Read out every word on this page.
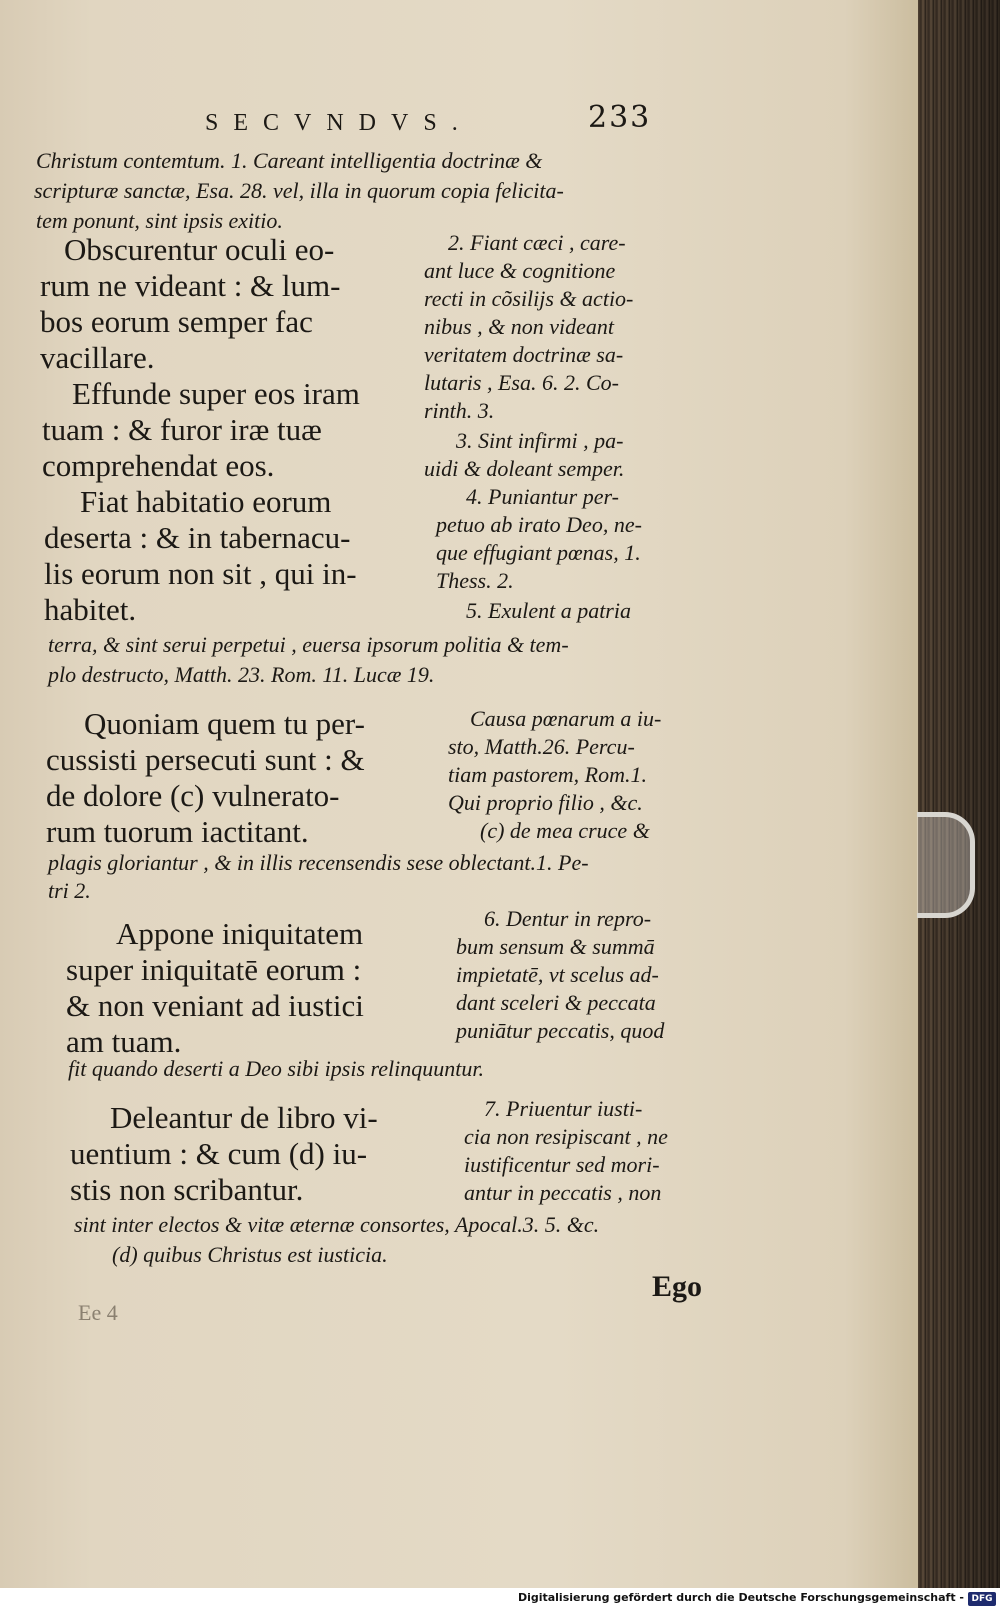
SECVNDVS.	233

Christum contemtum. 1. Careant intelligentia doctrinæ &

scripturæ sanctæ, Esa. 28. vel, illa in quorum copia felicita-

tem ponunt, sint ipsis exitio.

Obscurentur oculi eo-

rum ne videant : & lum-

bos eorum semper fac

vacillare.

2. Fiant cæci , care-

ant luce & cognitione

recti in cõsilijs & actio-

nibus , & non videant

veritatem doctrinæ sa-

lutaris , Esa. 6. 2. Co-

rinth. 3.

Effunde super eos iram

tuam : & furor iræ tuæ

comprehendat eos.

3. Sint infirmi , pa-

uidi & doleant semper.

Fiat habitatio eorum

deserta : & in tabernacu-

lis eorum non sit , qui in-

habitet.

4. Puniantur per-

petuo ab irato Deo, ne-

que effugiant pœnas, 1.

Thess. 2.

5. Exulent a patria

terra, & sint serui perpetui , euersa ipsorum politia & tem-

plo destructo, Matth. 23. Rom. 11. Lucæ 19.

Quoniam quem tu per-

cussisti persecuti sunt : &

de dolore (c) vulnerato-

rum tuorum iactitant.

Causa pœnarum a iu-

sto, Matth.26. Percu-

tiam pastorem, Rom.1.

Qui proprio filio , &c.

(c) de mea cruce &

plagis gloriantur , & in illis recensendis sese oblectant.1. Pe-

tri 2.

Appone iniquitatem

super iniquitatē eorum :

& non veniant ad iustici

am tuam.

6. Dentur in repro-

bum sensum & summā

impietatē, vt scelus ad-

dant sceleri & peccata

puniātur peccatis, quod

fit quando deserti a Deo sibi ipsis relinquuntur.

Deleantur de libro vi-

uentium : & cum (d) iu-

stis non scribantur.

7. Priuentur iusti-

cia non resipiscant , ne

iustificentur sed mori-

antur in peccatis , non

sint inter electos & vitæ æternæ consortes, Apocal.3. 5. &c.

(d) quibus Christus est iusticia.

Ego

Ee 4

Digitalisierung gefördert durch die Deutsche Forschungsgemeinschaft - DFG
